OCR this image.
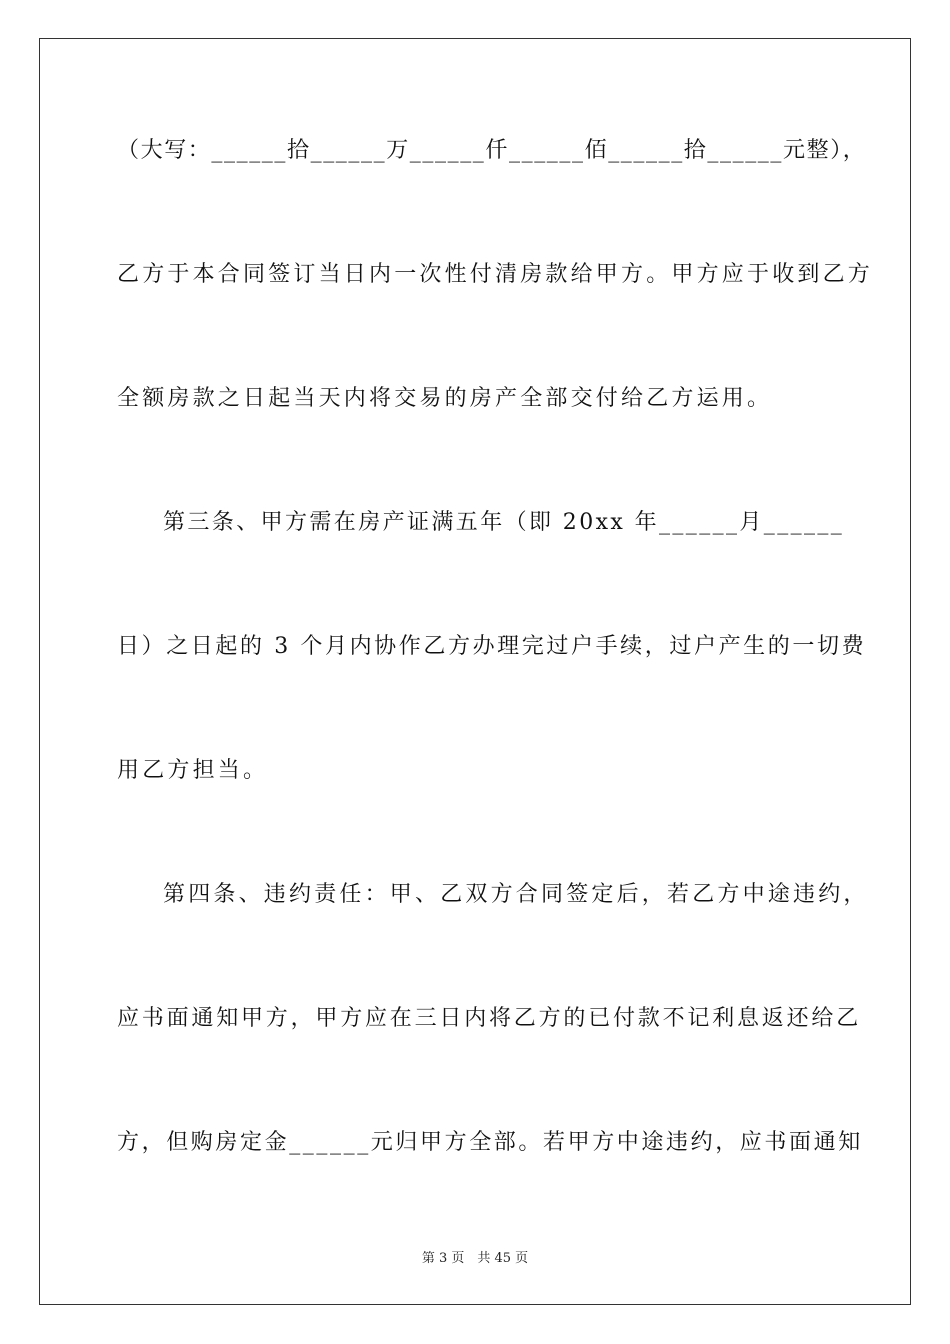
（大写：______拾______万______仟______佰______拾______元整），
乙方于本合同签订当日内一次性付清房款给甲方。甲方应于收到乙方
全额房款之日起当天内将交易的房产全部交付给乙方运用。
第三条、甲方需在房产证满五年（即 20xx 年______月______
日）之日起的 3 个月内协作乙方办理完过户手续，过户产生的一切费
用乙方担当。
第四条、违约责任：甲、乙双方合同签定后，若乙方中途违约，
应书面通知甲方，甲方应在三日内将乙方的已付款不记利息返还给乙
方，但购房定金______元归甲方全部。若甲方中途违约，应书面通知
第 3 页　共 45 页
